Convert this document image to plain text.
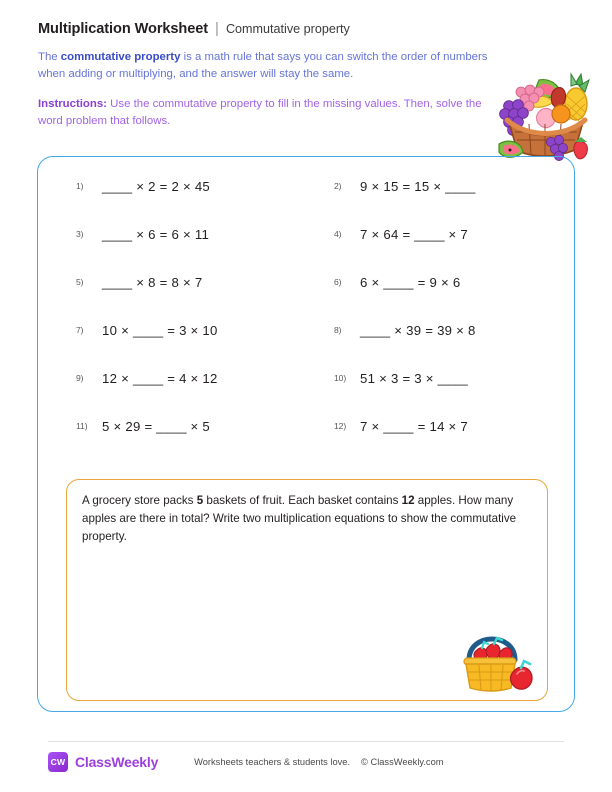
Multiplication Worksheet | Commutative property
The commutative property is a math rule that says you can switch the order of numbers when adding or multiplying, and the answer will stay the same.
Instructions: Use the commutative property to fill in the missing values. Then, solve the word problem that follows.
1)	____ × 2 = 2 × 45	2)	9 × 15 = 15 × ____
3)	____ × 6 = 6 × 11	4)	7 × 64 = ____ × 7
5)	____ × 8 = 8 × 7	6)	6 × ____ = 9 × 6
7)	10 × ____ = 3 × 10	8)	____ × 39 = 39 × 8
9)	12 × ____ = 4 × 12	10)	51 × 3 = 3 × ____
11)	5 × 29 = ____ × 5	12)	7 × ____ = 14 × 7
A grocery store packs 5 baskets of fruit. Each basket contains 12 apples. How many apples are there in total? Write two multiplication equations to show the commutative property.
CW ClassWeekly	Worksheets teachers & students love. © ClassWeekly.com
